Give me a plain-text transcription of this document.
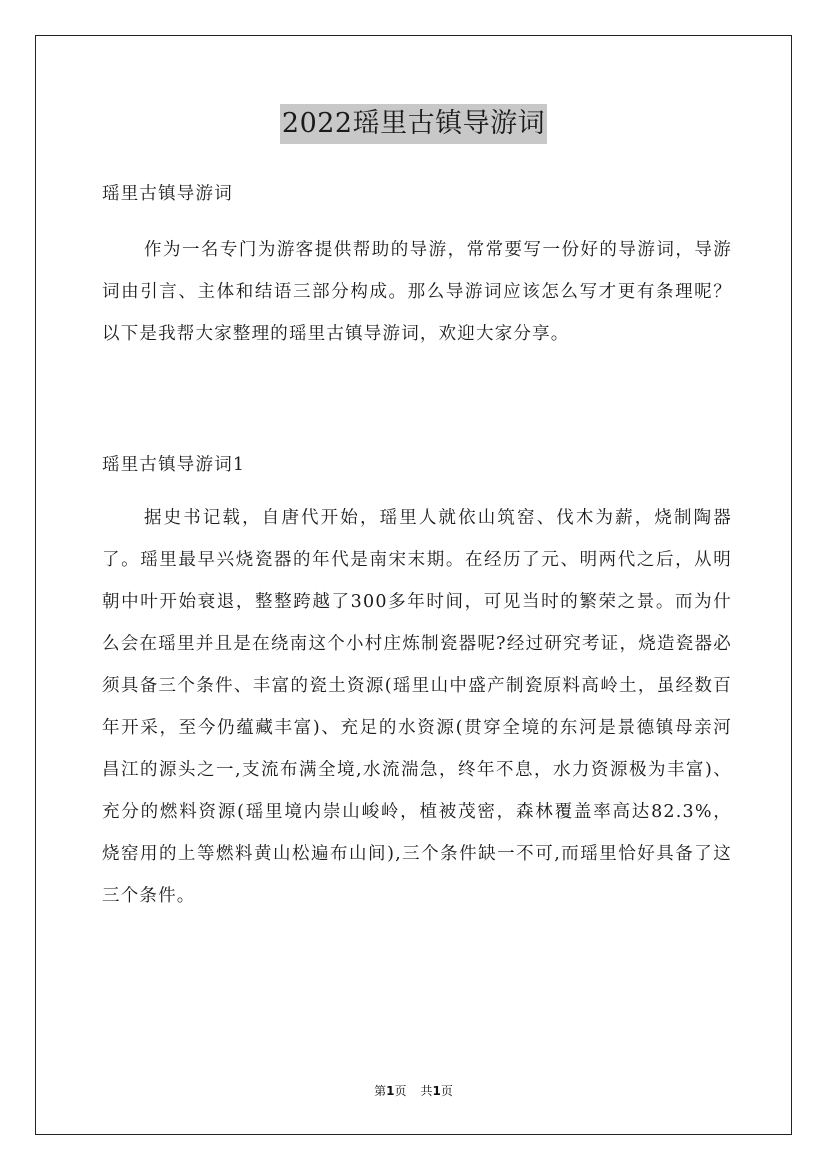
2022瑶里古镇导游词
瑶里古镇导游词

作为一名专门为游客提供帮助的导游，常常要写一份好的导游词，导游词由引言、主体和结语三部分构成。那么导游词应该怎么写才更有条理呢？以下是我帮大家整理的瑶里古镇导游词，欢迎大家分享。

瑶里古镇导游词1

据史书记载，自唐代开始，瑶里人就依山筑窑、伐木为薪，烧制陶器了。瑶里最早兴烧瓷器的年代是南宋末期。在经历了元、明两代之后，从明朝中叶开始衰退，整整跨越了300多年时间，可见当时的繁荣之景。而为什么会在瑶里并且是在绕南这个小村庄炼制瓷器呢?经过研究考证，烧造瓷器必须具备三个条件、丰富的瓷土资源(瑶里山中盛产制瓷原料高岭土，虽经数百年开采，至今仍蕴藏丰富)、充足的水资源(贯穿全境的东河是景德镇母亲河昌江的源头之一,支流布满全境,水流湍急，终年不息，水力资源极为丰富)、充分的燃料资源(瑶里境内崇山峻岭，植被茂密，森林覆盖率高达82.3%，烧窑用的上等燃料黄山松遍布山间),三个条件缺一不可,而瑶里恰好具备了这三个条件。

第1页 共1页
